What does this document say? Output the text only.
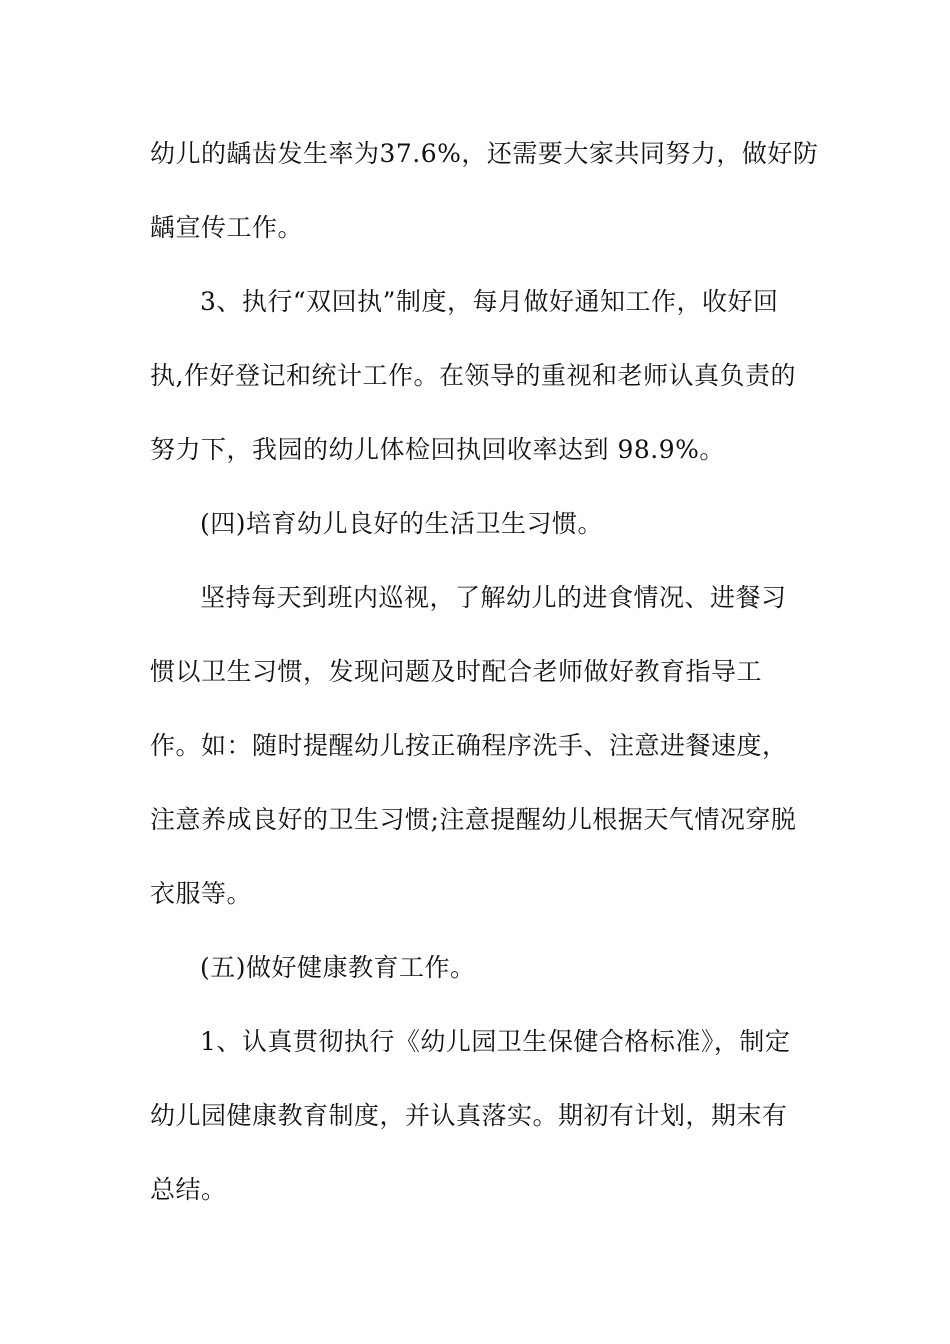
幼儿的龋齿发生率为37.6%，还需要大家共同努力，做好防
龋宣传工作。
3、执行“双回执”制度，每月做好通知工作，收好回
执,作好登记和统计工作。在领导的重视和老师认真负责的
努力下，我园的幼儿体检回执回收率达到 98.9%。
(四)培育幼儿良好的生活卫生习惯。
坚持每天到班内巡视，了解幼儿的进食情况、进餐习
惯以卫生习惯，发现问题及时配合老师做好教育指导工
作。如：随时提醒幼儿按正确程序洗手、注意进餐速度，
注意养成良好的卫生习惯;注意提醒幼儿根据天气情况穿脱
衣服等。
(五)做好健康教育工作。
1、认真贯彻执行《幼儿园卫生保健合格标准》，制定
幼儿园健康教育制度，并认真落实。期初有计划，期末有
总结。
